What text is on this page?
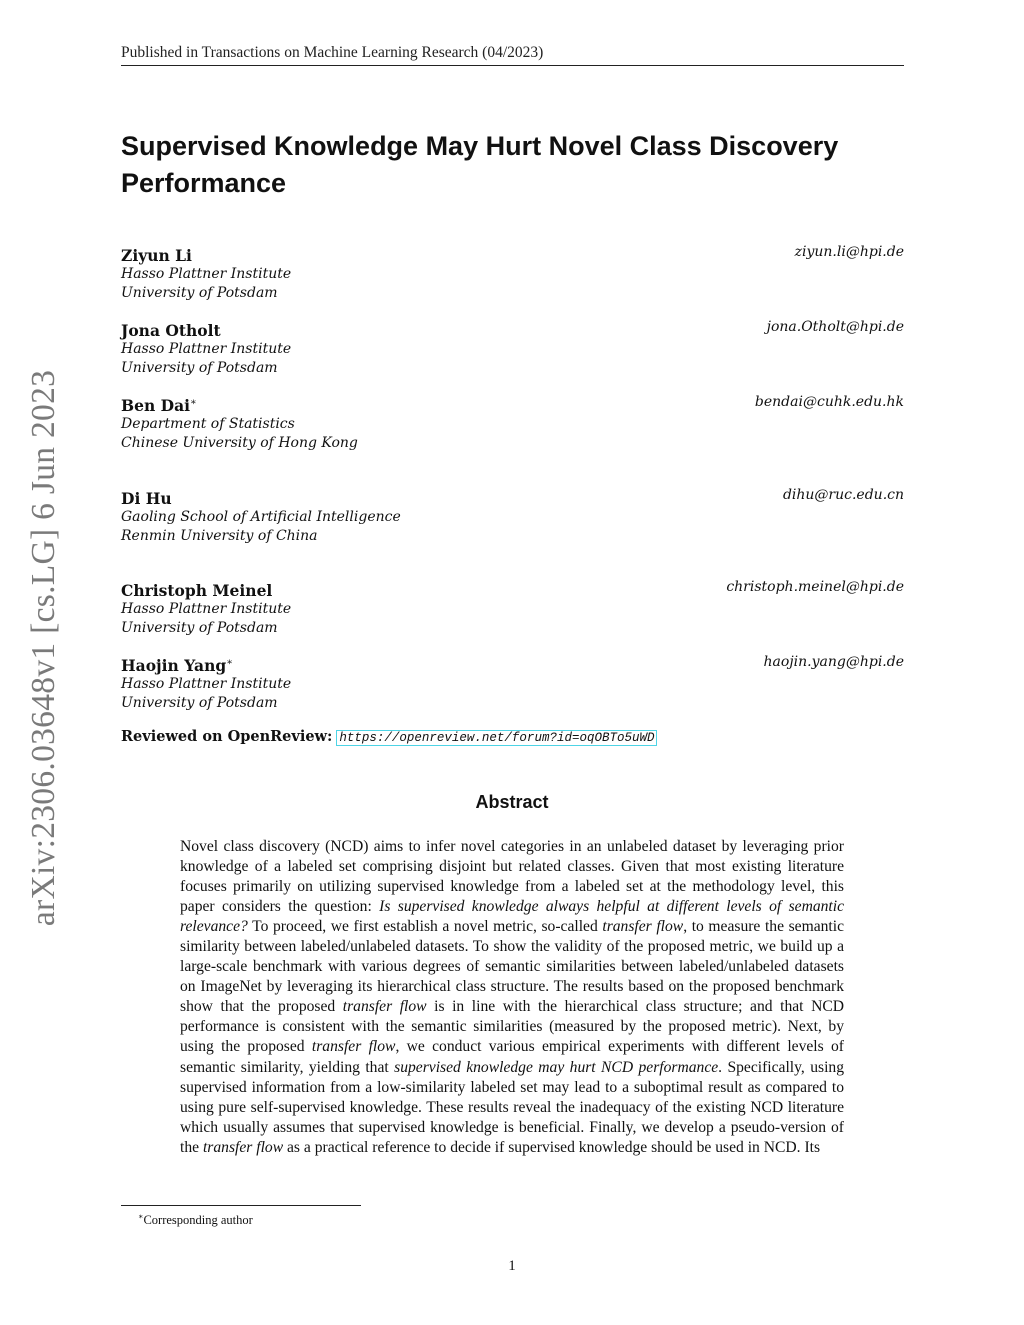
Published in Transactions on Machine Learning Research (04/2023)
Supervised Knowledge May Hurt Novel Class Discovery Performance
Ziyun Li
Hasso Plattner Institute
University of Potsdam
ziyun.li@hpi.de
Jona Otholt
Hasso Plattner Institute
University of Potsdam
jona.Otholt@hpi.de
Ben Dai∗
Department of Statistics
Chinese University of Hong Kong
bendai@cuhk.edu.hk
Di Hu
Gaoling School of Artificial Intelligence
Renmin University of China
dihu@ruc.edu.cn
Christoph Meinel
Hasso Plattner Institute
University of Potsdam
christoph.meinel@hpi.de
Haojin Yang∗
Hasso Plattner Institute
University of Potsdam
haojin.yang@hpi.de
Reviewed on OpenReview: https://openreview.net/forum?id=oqOBTo5uWD
Abstract

Novel class discovery (NCD) aims to infer novel categories in an unlabeled dataset by leveraging prior knowledge of a labeled set comprising disjoint but related classes. Given that most existing literature focuses primarily on utilizing supervised knowledge from a labeled set at the methodology level, this paper considers the question: Is supervised knowledge always helpful at different levels of semantic relevance? To proceed, we first establish a novel metric, so-called transfer flow, to measure the semantic similarity between labeled/unlabeled datasets. To show the validity of the proposed metric, we build up a large-scale benchmark with various degrees of semantic similarities between labeled/unlabeled datasets on ImageNet by leveraging its hierarchical class structure. The results based on the proposed benchmark show that the proposed transfer flow is in line with the hierarchical class structure; and that NCD performance is consistent with the semantic similarities (measured by the proposed metric). Next, by using the proposed transfer flow, we conduct various empirical experiments with different levels of semantic similarity, yielding that supervised knowledge may hurt NCD performance. Specifically, using supervised information from a low-similarity labeled set may lead to a suboptimal result as compared to using pure self-supervised knowledge. These results reveal the inadequacy of the existing NCD literature which usually assumes that supervised knowledge is beneficial. Finally, we develop a pseudo-version of the transfer flow as a practical reference to decide if supervised knowledge should be used in NCD. Its

∗Corresponding author
1
arXiv:2306.03648v1 [cs.LG] 6 Jun 2023
